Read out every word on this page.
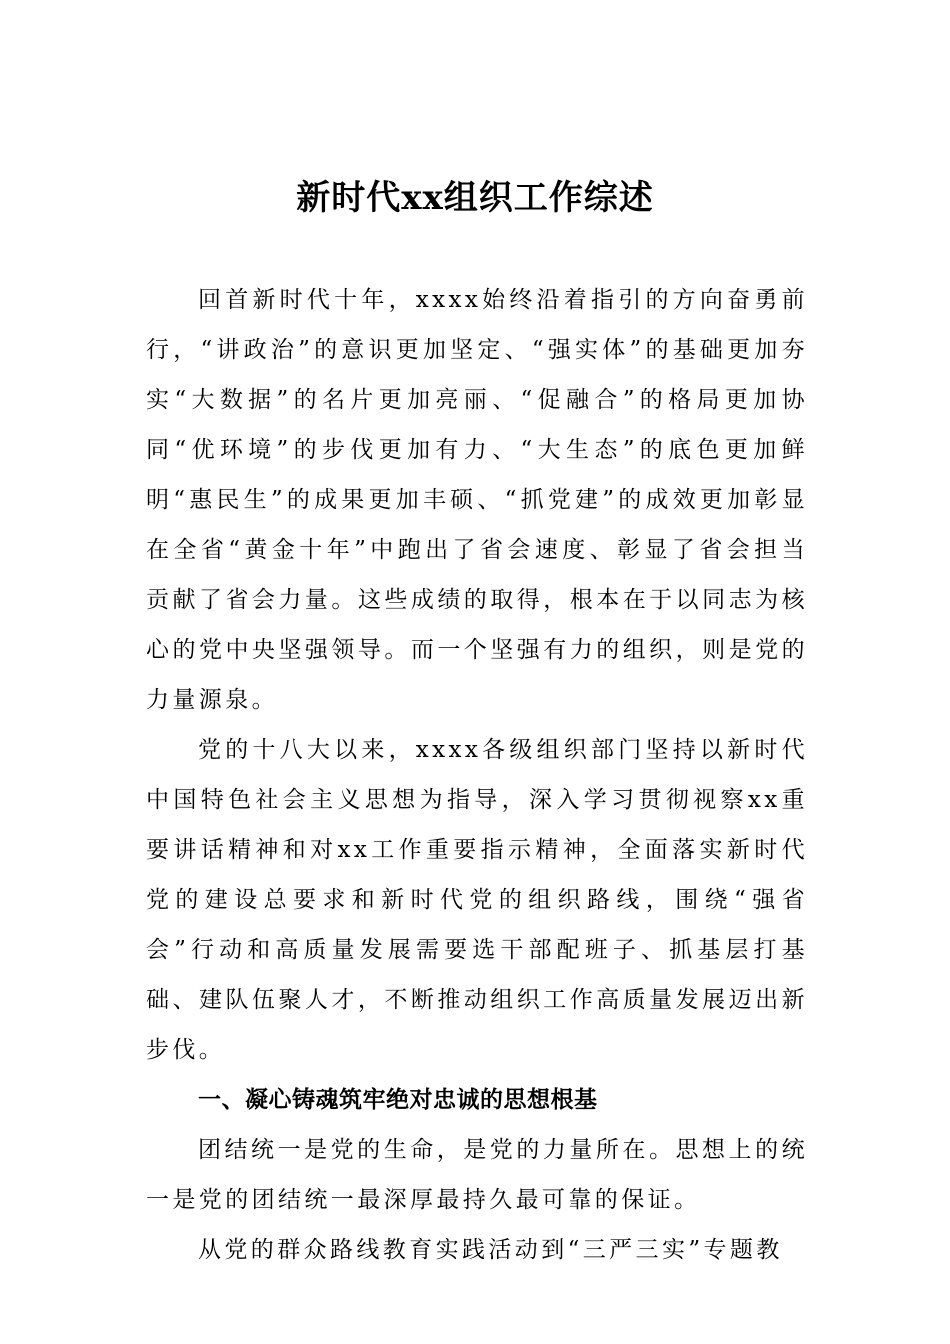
新时代xx组织工作综述

回首新时代十年，xxxx始终沿着指引的方向奋勇前行，“讲政治”的意识更加坚定、“强实体”的基础更加夯实“大数据”的名片更加亮丽、“促融合”的格局更加协同“优环境”的步伐更加有力、“大生态”的底色更加鲜明“惠民生”的成果更加丰硕、“抓党建”的成效更加彰显在全省“黄金十年”中跑出了省会速度、彰显了省会担当贡献了省会力量。这些成绩的取得，根本在于以同志为核心的党中央坚强领导。而一个坚强有力的组织，则是党的力量源泉。

党的十八大以来，xxxx各级组织部门坚持以新时代中国特色社会主义思想为指导，深入学习贯彻视察xx重要讲话精神和对xx工作重要指示精神，全面落实新时代党的建设总要求和新时代党的组织路线，围绕“强省会”行动和高质量发展需要选干部配班子、抓基层打基础、建队伍聚人才，不断推动组织工作高质量发展迈出新步伐。

一、凝心铸魂筑牢绝对忠诚的思想根基

团结统一是党的生命，是党的力量所在。思想上的统一是党的团结统一最深厚最持久最可靠的保证。

从党的群众路线教育实践活动到“三严三实”专题教
